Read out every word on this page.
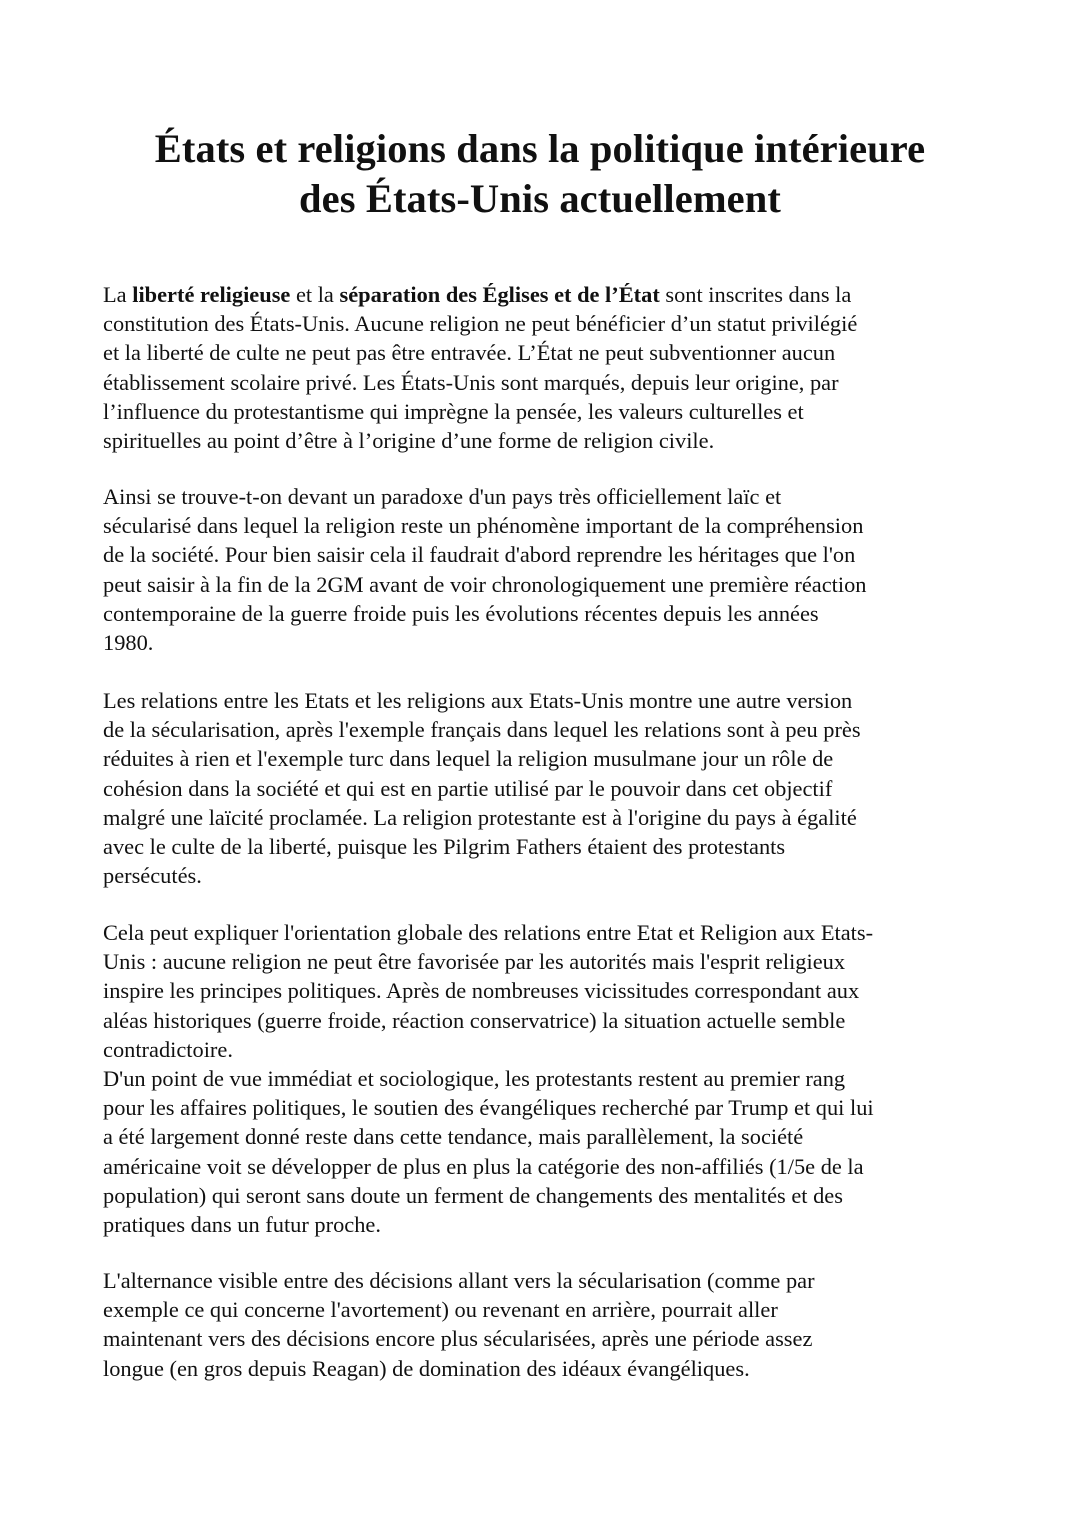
États et religions dans la politique intérieure
des États-Unis actuellement

La liberté religieuse et la séparation des Églises et de l’État sont inscrites dans la
constitution des États-Unis. Aucune religion ne peut bénéficier d’un statut privilégié
et la liberté de culte ne peut pas être entravée. L’État ne peut subventionner aucun
établissement scolaire privé. Les États-Unis sont marqués, depuis leur origine, par
l’influence du protestantisme qui imprègne la pensée, les valeurs culturelles et
spirituelles au point d’être à l’origine d’une forme de religion civile.

Ainsi se trouve-t-on devant un paradoxe d'un pays très officiellement laïc et
sécularisé dans lequel la religion reste un phénomène important de la compréhension
de la société. Pour bien saisir cela il faudrait d'abord reprendre les héritages que l'on
peut saisir à la fin de la 2GM avant de voir chronologiquement une première réaction
contemporaine de la guerre froide puis les évolutions récentes depuis les années
1980.

Les relations entre les Etats et les religions aux Etats-Unis montre une autre version
de la sécularisation, après l'exemple français dans lequel les relations sont à peu près
réduites à rien et l'exemple turc dans lequel la religion musulmane jour un rôle de
cohésion dans la société et qui est en partie utilisé par le pouvoir dans cet objectif
malgré une laïcité proclamée. La religion protestante est à l'origine du pays à égalité
avec le culte de la liberté, puisque les Pilgrim Fathers étaient des protestants
persécutés.

Cela peut expliquer l'orientation globale des relations entre Etat et Religion aux Etats-
Unis : aucune religion ne peut être favorisée par les autorités mais l'esprit religieux
inspire les principes politiques. Après de nombreuses vicissitudes correspondant aux
aléas historiques (guerre froide, réaction conservatrice) la situation actuelle semble
contradictoire.
D'un point de vue immédiat et sociologique, les protestants restent au premier rang
pour les affaires politiques, le soutien des évangéliques recherché par Trump et qui lui
a été largement donné reste dans cette tendance, mais parallèlement, la société
américaine voit se développer de plus en plus la catégorie des non-affiliés (1/5e de la
population) qui seront sans doute un ferment de changements des mentalités et des
pratiques dans un futur proche.

L'alternance visible entre des décisions allant vers la sécularisation (comme par
exemple ce qui concerne l'avortement) ou revenant en arrière, pourrait aller
maintenant vers des décisions encore plus sécularisées, après une période assez
longue (en gros depuis Reagan) de domination des idéaux évangéliques.
